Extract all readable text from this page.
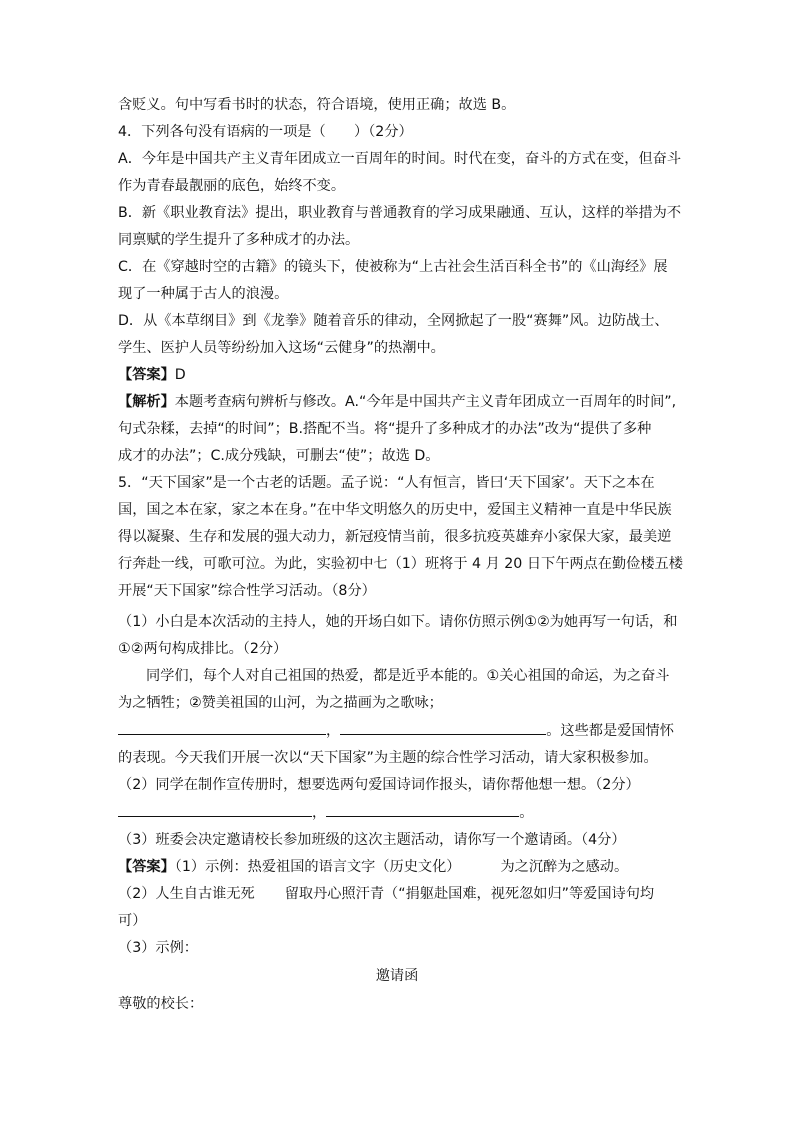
含贬义。句中写看书时的状态，符合语境，使用正确；故选 B。
4．下列各句没有语病的一项是（　　）（2分）
A．今年是中国共产主义青年团成立一百周年的时间。时代在变，奋斗的方式在变，但奋斗
作为青春最靓丽的底色，始终不变。
B．新《职业教育法》提出，职业教育与普通教育的学习成果融通、互认，这样的举措为不
同禀赋的学生提升了多种成才的办法。
C．在《穿越时空的古籍》的镜头下，使被称为“上古社会生活百科全书”的《山海经》展
现了一种属于古人的浪漫。
D．从《本草纲目》到《龙拳》随着音乐的律动，全网掀起了一股“赛舞”风。边防战士、
学生、医护人员等纷纷加入这场“云健身”的热潮中。
【答案】D
【解析】本题考查病句辨析与修改。A.“今年是中国共产主义青年团成立一百周年的时间”,
句式杂糅，去掉“的时间”；B.搭配不当。将“提升了多种成才的办法”改为“提供了多种
成才的办法”；C.成分残缺，可删去“使”；故选 D。
5．“天下国家”是一个古老的话题。孟子说：“人有恒言，皆曰‘天下国家’。天下之本在
国，国之本在家，家之本在身。”在中华文明悠久的历史中，爱国主义精神一直是中华民族
得以凝聚、生存和发展的强大动力，新冠疫情当前，很多抗疫英雄弃小家保大家，最美逆
行奔赴一线，可歌可泣。为此，实验初中七（1）班将于 4 月 20 日下午两点在勤俭楼五楼
开展“天下国家”综合性学习活动。（8分）
（1）小白是本次活动的主持人，她的开场白如下。请你仿照示例①②为她再写一句话，和
①②两句构成排比。（2分）
同学们，每个人对自己祖国的热爱，都是近乎本能的。①关心祖国的命运，为之奋斗
为之牺牲；②赞美祖国的山河，为之描画为之歌咏；
，	。这些都是爱国情怀
的表现。今天我们开展一次以“天下国家”为主题的综合性学习活动，请大家积极参加。
（2）同学在制作宣传册时，想要选两句爱国诗词作报头，请你帮他想一想。（2分）
，	。
（3）班委会决定邀请校长参加班级的这次主题活动，请你写一个邀请函。（4分）
【答案】（1）示例：热爱祖国的语言文字（历史文化）	为之沉醉为之感动。
（2）人生自古谁无死 留取丹心照汗青（“捐躯赴国难，视死忽如归”等爱国诗句均
可）
（3）示例：
邀请函
尊敬的校长：
